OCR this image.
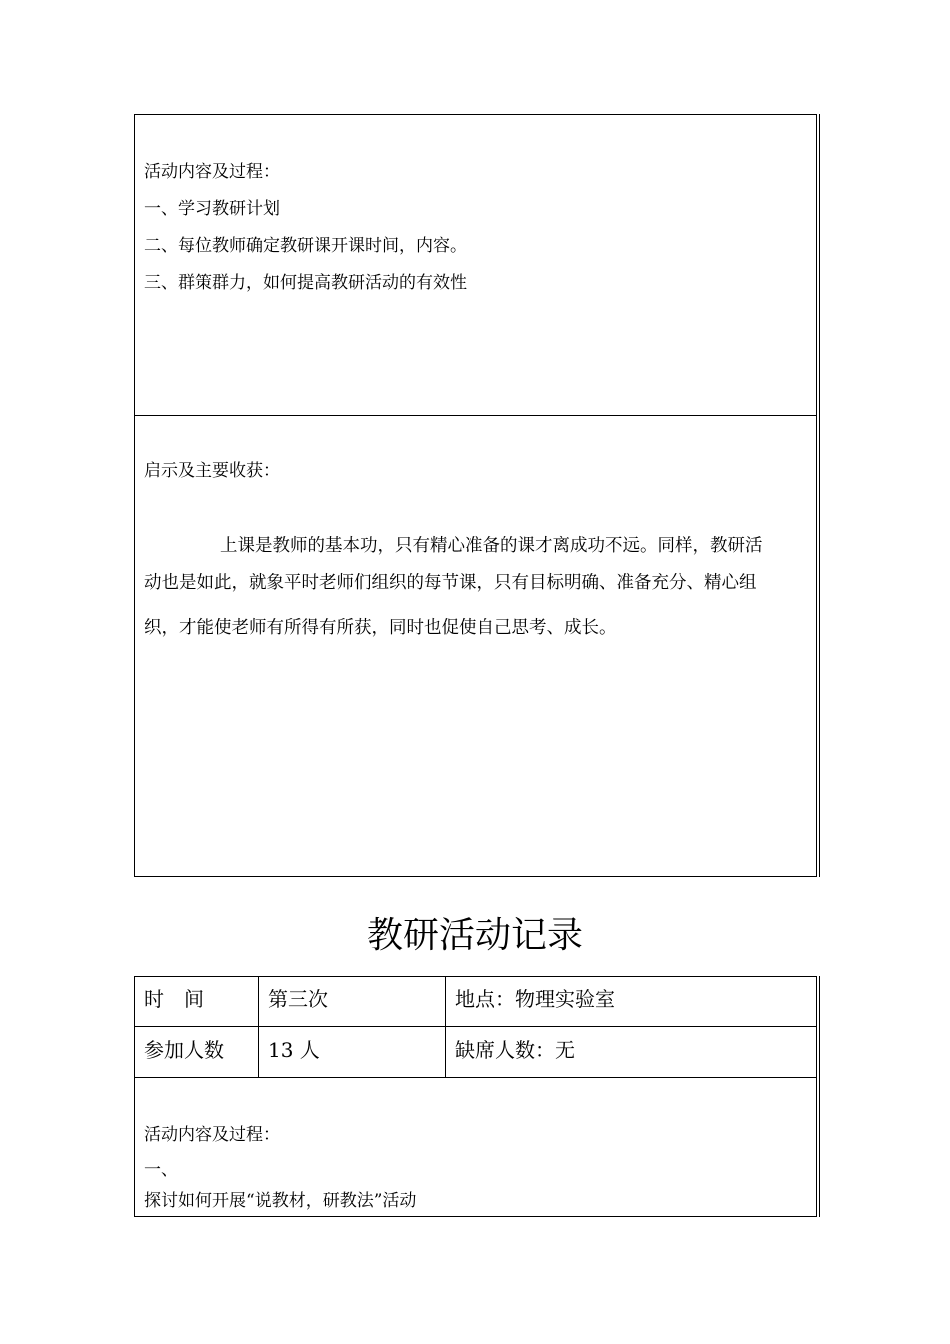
活动内容及过程：
一、学习教研计划
二、每位教师确定教研课开课时间，内容。
三、群策群力，如何提高教研活动的有效性
启示及主要收获：
上课是教师的基本功，只有精心准备的课才离成功不远。同样，教研活
动也是如此，就象平时老师们组织的每节课，只有目标明确、准备充分、精心组
织，才能使老师有所得有所获，同时也促使自己思考、成长。
教研活动记录
时　间	第三次	地点：物理实验室
参加人数 13 人	缺席人数：无
活动内容及过程：
一、
探讨如何开展“说教材，研教法”活动
